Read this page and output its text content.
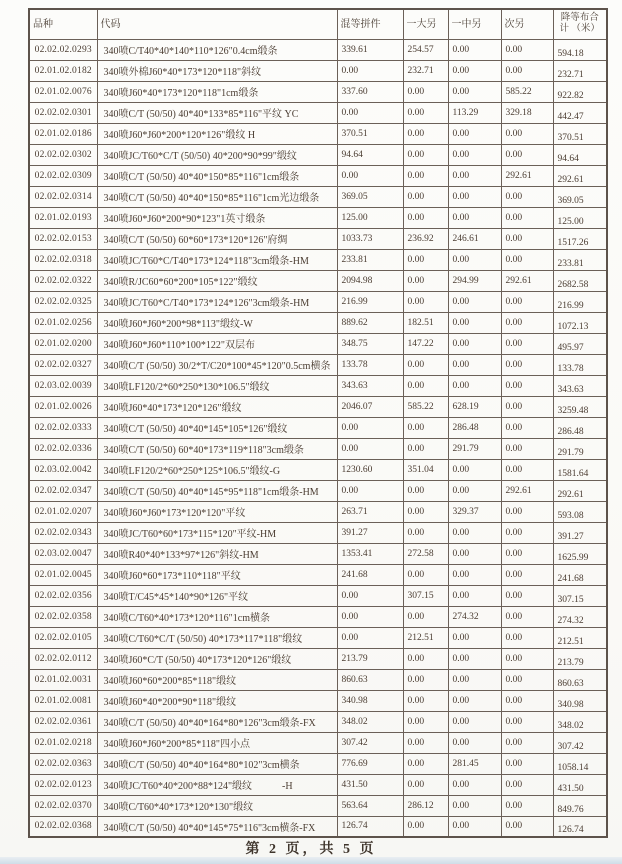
品种	代码	混等拼件	一大另	一中另	次另	降等布合计 （米）
02.02.02.0293	340喷C/T40*40*140*110*126"0.4cm缎条	339.61	254.57	0.00	0.00	594.18
02.01.02.0182	340喷外棉J60*40*173*120*118"斜纹	0.00	232.71	0.00	0.00	232.71
02.01.02.0076	340喷J60*40*173*120*118"1cm缎条	337.60	0.00	0.00	585.22	922.82
02.02.02.0301	340喷C/T (50/50) 40*40*133*85*116"平纹 YC	0.00	0.00	113.29	329.18	442.47
02.01.02.0186	340喷J60*J60*200*120*126"缎纹 H	370.51	0.00	0.00	0.00	370.51
02.02.02.0302	340喷JC/T60*C/T (50/50) 40*200*90*99"缎纹	94.64	0.00	0.00	0.00	94.64
02.02.02.0309	340喷C/T (50/50) 40*40*150*85*116"1cm缎条	0.00	0.00	0.00	292.61	292.61
02.02.02.0314	340喷C/T (50/50) 40*40*150*85*116"1cm光边缎条	369.05	0.00	0.00	0.00	369.05
02.01.02.0193	340喷J60*J60*200*90*123"1英寸缎条	125.00	0.00	0.00	0.00	125.00
02.02.02.0153	340喷C/T (50/50) 60*60*173*120*126"府绸	1033.73	236.92	246.61	0.00	1517.26
02.02.02.0318	340喷JC/T60*C/T40*173*124*118"3cm缎条-HM	233.81	0.00	0.00	0.00	233.81
02.02.02.0322	340喷R/JC60*60*200*105*122"缎纹	2094.98	0.00	294.99	292.61	2682.58
02.02.02.0325	340喷JC/T60*C/T40*173*124*126"3cm缎条-HM	216.99	0.00	0.00	0.00	216.99
02.01.02.0256	340喷J60*J60*200*98*113"缎纹-W	889.62	182.51	0.00	0.00	1072.13
02.01.02.0200	340喷J60*J60*110*100*122"双层布	348.75	147.22	0.00	0.00	495.97
02.02.02.0327	340喷C/T (50/50) 30/2*T/C20*100*45*120"0.5cm横条	133.78	0.00	0.00	0.00	133.78
02.03.02.0039	340喷LF120/2*60*250*130*106.5"缎纹	343.63	0.00	0.00	0.00	343.63
02.01.02.0026	340喷J60*40*173*120*126"缎纹	2046.07	585.22	628.19	0.00	3259.48
02.02.02.0333	340喷C/T (50/50) 40*40*145*105*126"缎纹	0.00	0.00	286.48	0.00	286.48
02.02.02.0336	340喷C/T (50/50) 60*40*173*119*118"3cm缎条	0.00	0.00	291.79	0.00	291.79
02.03.02.0042	340喷LF120/2*60*250*125*106.5"缎纹-G	1230.60	351.04	0.00	0.00	1581.64
02.02.02.0347	340喷C/T (50/50) 40*40*145*95*118"1cm缎条-HM	0.00	0.00	0.00	292.61	292.61
02.01.02.0207	340喷J60*J60*173*120*120"平纹	263.71	0.00	329.37	0.00	593.08
02.02.02.0343	340喷JC/T60*60*173*115*120"平纹-HM	391.27	0.00	0.00	0.00	391.27
02.03.02.0047	340喷R40*40*133*97*126"斜纹-HM	1353.41	272.58	0.00	0.00	1625.99
02.01.02.0045	340喷J60*60*173*110*118"平纹	241.68	0.00	0.00	0.00	241.68
02.02.02.0356	340喷T/C45*45*140*90*126"平纹	0.00	307.15	0.00	0.00	307.15
02.02.02.0358	340喷C/T60*40*173*120*116"1cm横条	0.00	0.00	274.32	0.00	274.32
02.02.02.0105	340喷C/T60*C/T (50/50) 40*173*117*118"缎纹	0.00	212.51	0.00	0.00	212.51
02.02.02.0112	340喷J60*C/T (50/50) 40*173*120*126"缎纹	213.79	0.00	0.00	0.00	213.79
02.01.02.0031	340喷J60*60*200*85*118"缎纹	860.63	0.00	0.00	0.00	860.63
02.01.02.0081	340喷J60*40*200*90*118"缎纹	340.98	0.00	0.00	0.00	340.98
02.02.02.0361	340喷C/T (50/50) 40*40*164*80*126"3cm缎条-FX	348.02	0.00	0.00	0.00	348.02
02.01.02.0218	340喷J60*J60*200*85*118"四小点	307.42	0.00	0.00	0.00	307.42
02.02.02.0363	340喷C/T (50/50) 40*40*164*80*102"3cm横条	776.69	0.00	281.45	0.00	1058.14
02.02.02.0123	340喷JC/T60*40*200*88*124"缎纹　　　-H	431.50	0.00	0.00	0.00	431.50
02.02.02.0370	340喷C/T60*40*173*120*130"缎纹	563.64	286.12	0.00	0.00	849.76
02.02.02.0368	340喷C/T (50/50) 40*40*145*75*116"3cm横条-FX	126.74	0.00	0.00	0.00	126.74
第 2 页，共 5 页
